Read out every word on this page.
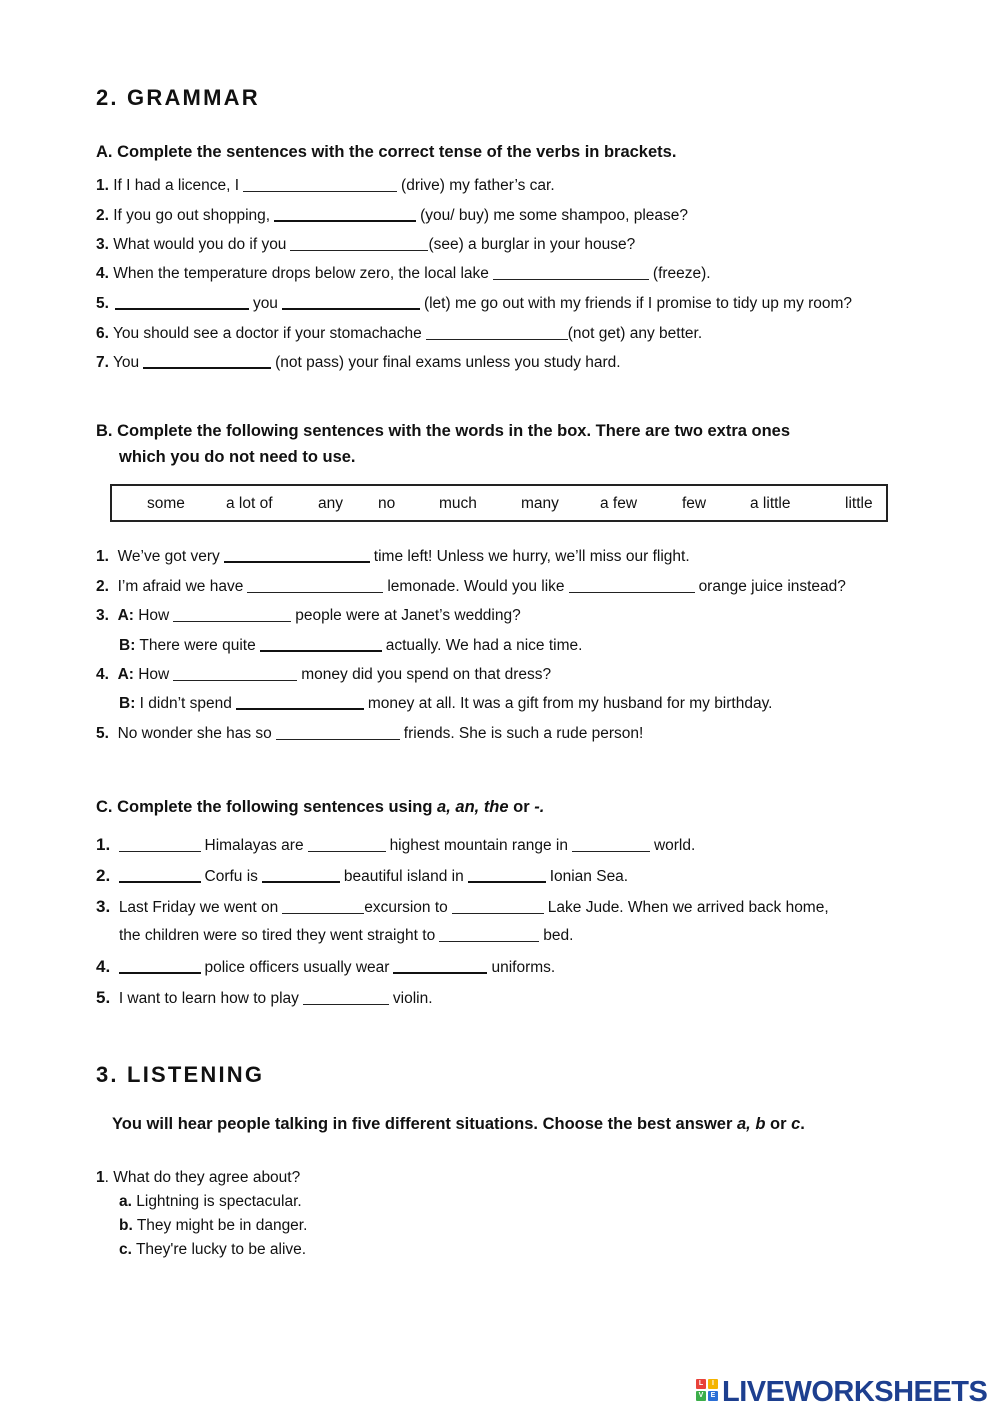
2. GRAMMAR
A. Complete the sentences with the correct tense of the verbs in brackets.
1. If I had a licence, I	(drive) my father’s car.
2. If you go out shopping,	(you/ buy) me some shampoo, please?
3. What would you do if you	(see) a burglar in your house?
4. When the temperature drops below zero, the local lake	(freeze).
5.	you	(let) me go out with my friends if I promise to tidy up my room?
6. You should see a doctor if your stomachache	(not get) any better.
7. You	(not pass) your final exams unless you study hard.
B. Complete the following sentences with the words in the box. There are two extra ones
which you do not need to use.
some	a lot of	any no	much	many	a few	few	a little	little
1. We’ve got very	time left! Unless we hurry, we’ll miss our flight.
2. I’m afraid we have	lemonade. Would you like	orange juice instead?
3. A: How	people were at Janet’s wedding?
B: There were quite	actually. We had a nice time.
4. A: How	money did you spend on that dress?
B: I didn’t spend	money at all. It was a gift from my husband for my birthday.
5. No wonder she has so	friends. She is such a rude person!
C. Complete the following sentences using a, an, the or -.
1.	Himalayas are	highest mountain range in	world.
2.	Corfu is	beautiful island in	Ionian Sea.
3. Last Friday we went on	excursion to	Lake Jude. When we arrived back home,
the children were so tired they went straight to	bed.
4.	police officers usually wear	uniforms.
5. I want to learn how to play	violin.
3. LISTENING
You will hear people talking in five different situations. Choose the best answer a, b or c.
1. What do they agree about?
a. Lightning is spectacular.
b. They might be in danger.
c. They're lucky to be alive.
L	I
V	E LIVEWORKSHEETS
